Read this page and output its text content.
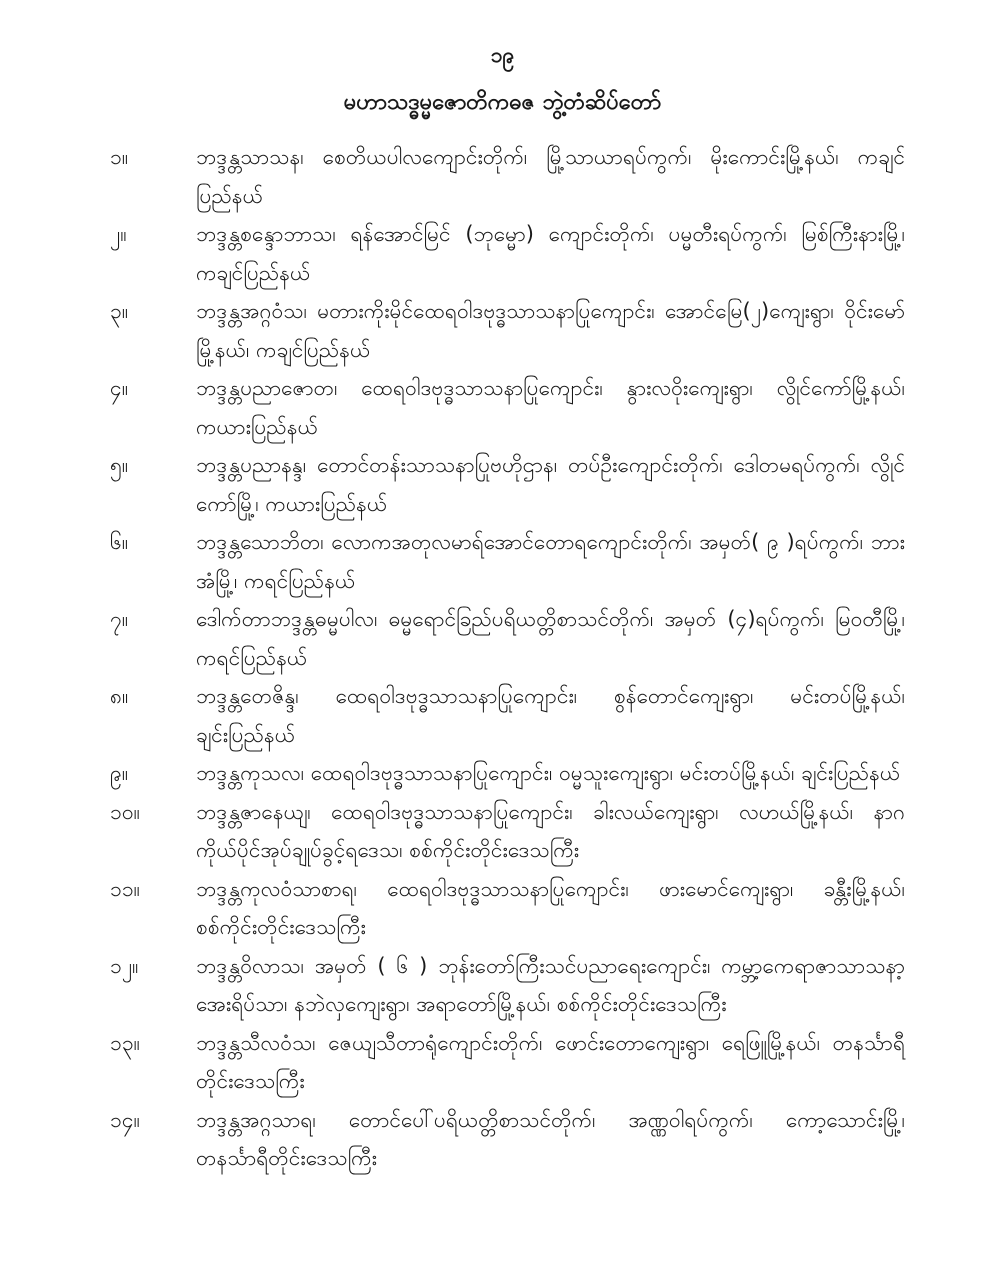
၁၉
မဟာသဒ္ဓမ္မဇောတိကဓဇ ဘွဲ့တံဆိပ်တော်
၁။	ဘဒ္ဒန္တသာသန၊ စေတိယပါလကျောင်းတိုက်၊ မြို့သာယာရပ်ကွက်၊ မိုးကောင်းမြို့နယ်၊ ကချင် ပြည်နယ်
၂။	ဘဒ္ဒန္တစန္ဒောဘာသ၊ ရန်အောင်မြင် (ဘုမ္မော) ကျောင်းတိုက်၊ ပမ္မတီးရပ်ကွက်၊ မြစ်ကြီးနားမြို့၊ ကချင်ပြည်နယ်
၃။	ဘဒ္ဒန္တအဂ္ဂဝံသ၊ မတားကိုးမိုင်ထေရဝါဒဗုဒ္ဓသာသနာပြုကျောင်း၊ အောင်မြေ(၂)ကျေးရွာ၊ ဝိုင်းမော် မြို့နယ်၊ ကချင်ပြည်နယ်
၄။	ဘဒ္ဒန္တပညာဇောတ၊ ထေရဝါဒဗုဒ္ဓသာသနာပြုကျောင်း၊ နွားလဝိုးကျေးရွာ၊ လွိုင်ကော်မြို့နယ်၊ ကယားပြည်နယ်
၅။	ဘဒ္ဒန္တပညာနန္ဒ၊ တောင်တန်းသာသနာပြုဗဟိုဌာန၊ တပ်ဦးကျောင်းတိုက်၊ ဒေါတမရပ်ကွက်၊ လွိုင်ကော်မြို့၊ ကယားပြည်နယ်
၆။	ဘဒ္ဒန္တသောဘိတ၊ လောကအတုလမာရ်အောင်တောရကျောင်းတိုက်၊ အမှတ်( ၉ )ရပ်ကွက်၊ ဘားအံမြို့၊ ကရင်ပြည်နယ်
၇။	ဒေါက်တာဘဒ္ဒန္တဓမ္မပါလ၊ ဓမ္မရောင်ခြည်ပရိယတ္တိစာသင်တိုက်၊ အမှတ် (၄)ရပ်ကွက်၊ မြဝတီမြို့၊ ကရင်ပြည်နယ်
၈။	ဘဒ္ဒန္တတေဇိန္ဒ၊ ထေရဝါဒဗုဒ္ဓသာသနာပြုကျောင်း၊ စွန်တောင်ကျေးရွာ၊ မင်းတပ်မြို့နယ်၊ ချင်းပြည်နယ်
၉။	ဘဒ္ဒန္တကုသလ၊ ထေရဝါဒဗုဒ္ဓသာသနာပြုကျောင်း၊ ဝမ္မသူးကျေးရွာ၊ မင်းတပ်မြို့နယ်၊ ချင်းပြည်နယ်
၁၀။	ဘဒ္ဒန္တဇာနေယျ၊ ထေရဝါဒဗုဒ္ဓသာသနာပြုကျောင်း၊ ခါးလယ်ကျေးရွာ၊ လဟယ်မြို့နယ်၊ နာဂ ကိုယ်ပိုင်အုပ်ချုပ်ခွင့်ရဒေသ၊ စစ်ကိုင်းတိုင်းဒေသကြီး
၁၁။	ဘဒ္ဒန္တကုလဝံသာစာရ၊ ထေရဝါဒဗုဒ္ဓသာသနာပြုကျောင်း၊ ဖားမောင်ကျေးရွာ၊ ခန္တီးမြို့နယ်၊ စစ်ကိုင်းတိုင်းဒေသကြီး
၁၂။	ဘဒ္ဒန္တဝိလာသ၊ အမှတ် ( ၆ ) ဘုန်းတော်ကြီးသင်ပညာရေးကျောင်း၊ ကမ္ဘာ့ကေရာဇာသာသနာ့ အေးရိပ်သာ၊ နဘဲလှကျေးရွာ၊ အရာတော်မြို့နယ်၊ စစ်ကိုင်းတိုင်းဒေသကြီး
၁၃။	ဘဒ္ဒန္တသီလဝံသ၊ ဇေယျသီတာရုံကျောင်းတိုက်၊ ဖောင်းတောကျေးရွာ၊ ရေဖြူမြို့နယ်၊ တနင်္သာရီ တိုင်းဒေသကြီး
၁၄။	ဘဒ္ဒန္တအဂ္ဂသာရ၊ တောင်ပေါ်ပရိယတ္တိစာသင်တိုက်၊ အဏ္ဏဝါရပ်ကွက်၊ ကော့သောင်းမြို့၊ တနင်္သာရီတိုင်းဒေသကြီး
